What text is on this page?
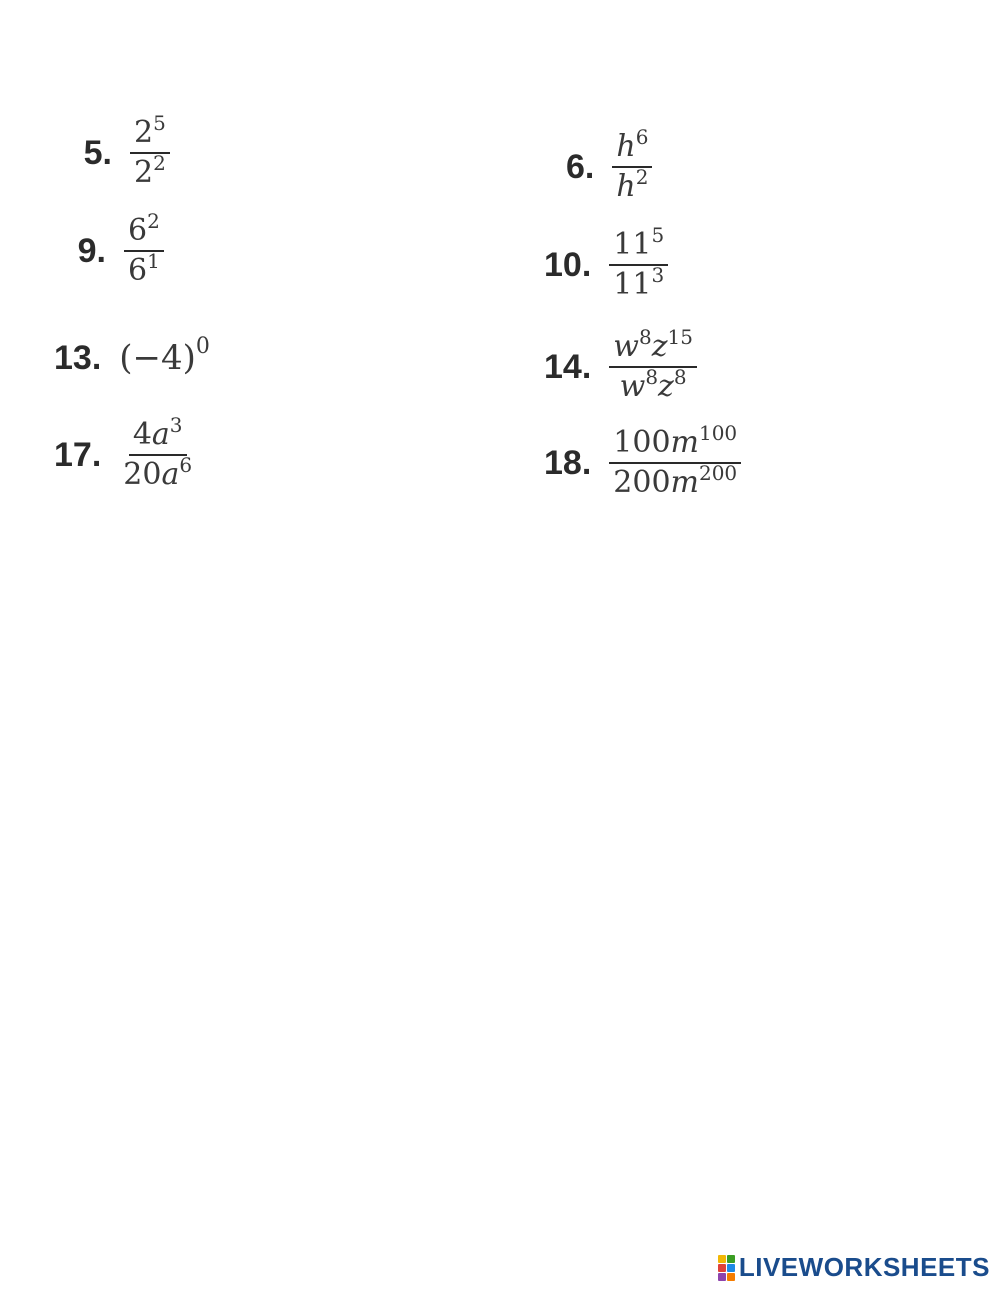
5. $\frac{2^5}{2^2}$
9. $\frac{6^2}{6^1}$
13. $(-4)^0$
17. $\frac{4a^3}{20a^6}$
6. $\frac{h^6}{h^2}$
10. $\frac{11^5}{11^3}$
14. $\frac{w^8z^{15}}{w^8z^8}$
18. $\frac{100m^{100}}{200m^{200}}$
LIVEWORKSHEETS
